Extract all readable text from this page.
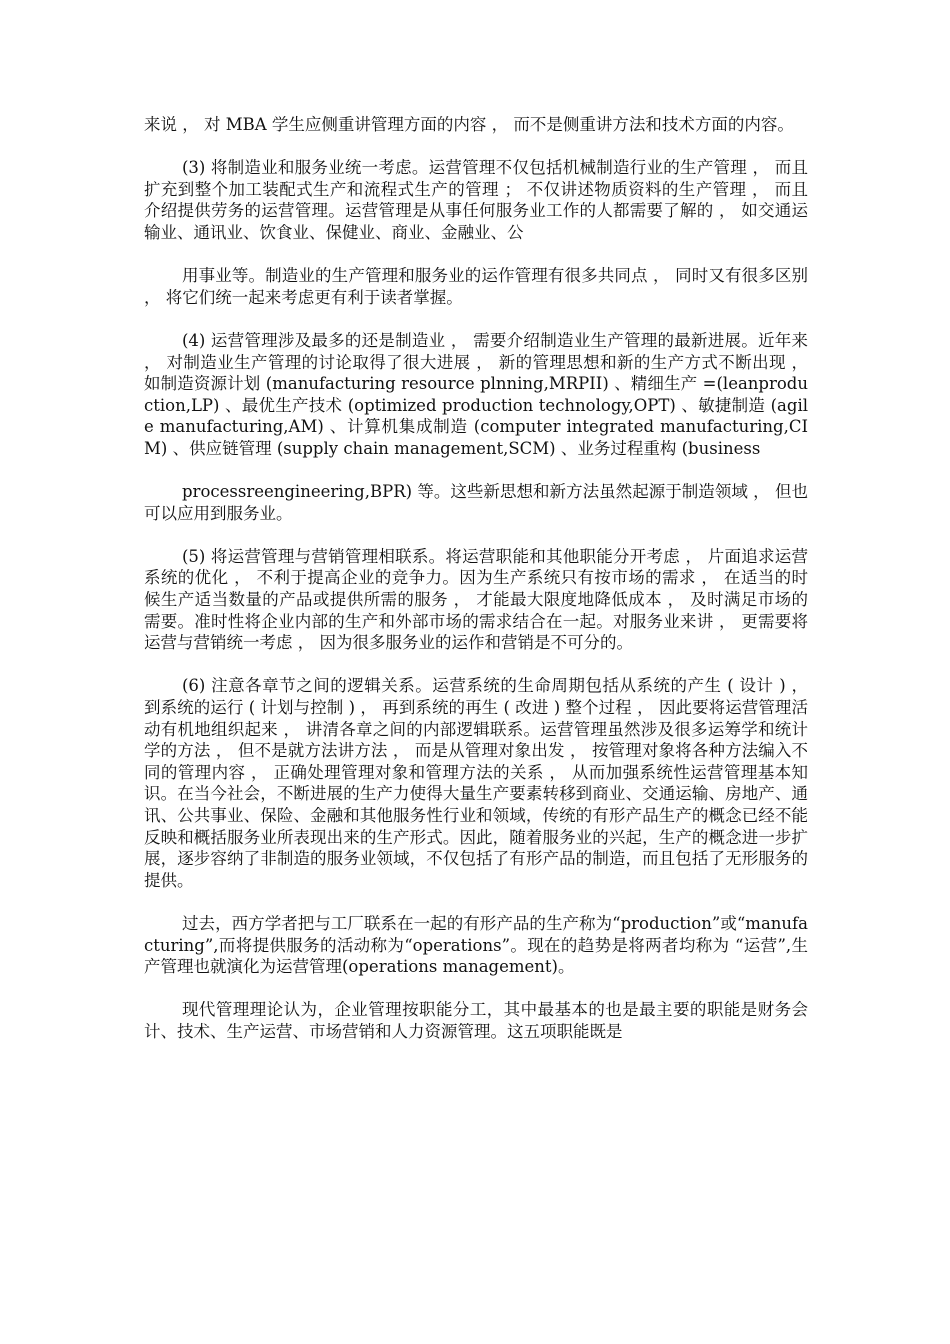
来说 ， 对 MBA 学生应侧重讲管理方面的内容 ， 而不是侧重讲方法和技术方面的内容。

(3) 将制造业和服务业统一考虑。运营管理不仅包括机械制造行业的生产管理 ， 而且扩充到整个加工装配式生产和流程式生产的管理 ； 不仅讲述物质资料的生产管理 ， 而且介绍提供劳务的运营管理。运营管理是从事任何服务业工作的人都需要了解的 ， 如交通运输业、通讯业、饮食业、保健业、商业、金融业、公

用事业等。制造业的生产管理和服务业的运作管理有很多共同点 ， 同时又有很多区别 ， 将它们统一起来考虑更有利于读者掌握。

(4) 运营管理涉及最多的还是制造业 ， 需要介绍制造业生产管理的最新进展。近年来 ， 对制造业生产管理的讨论取得了很大进展 ， 新的管理思想和新的生产方式不断出现 ， 如制造资源计划 (manufacturing resource plnning,MRPII) 、精细生产 =(leanproduction,LP) 、最优生产技术 (optimized production technology,OPT) 、敏捷制造 (agile manufacturing,AM) 、计算机集成制造 (computer integrated manufacturing,CIM) 、供应链管理 (supply chain management,SCM) 、业务过程重构 (business

processreengineering,BPR) 等。这些新思想和新方法虽然起源于制造领域 ， 但也可以应用到服务业。

(5) 将运营管理与营销管理相联系。将运营职能和其他职能分开考虑 ， 片面追求运营系统的优化 ， 不利于提高企业的竞争力。因为生产系统只有按市场的需求 ， 在适当的时候生产适当数量的产品或提供所需的服务 ， 才能最大限度地降低成本 ， 及时满足市场的需要。准时性将企业内部的生产和外部市场的需求结合在一起。对服务业来讲 ， 更需要将运营与营销统一考虑 ， 因为很多服务业的运作和营销是不可分的。

(6) 注意各章节之间的逻辑关系。运营系统的生命周期包括从系统的产生 ( 设计 ) ， 到系统的运行 ( 计划与控制 ) ， 再到系统的再生 ( 改进 ) 整个过程 ， 因此要将运营管理活动有机地组织起来 ， 讲清各章之间的内部逻辑联系。运营管理虽然涉及很多运筹学和统计学的方法 ， 但不是就方法讲方法 ， 而是从管理对象出发 ， 按管理对象将各种方法编入不同的管理内容 ， 正确处理管理对象和管理方法的关系 ， 从而加强系统性运营管理基本知识。在当今社会，不断进展的生产力使得大量生产要素转移到商业、交通运输、房地产、通讯、公共事业、保险、金融和其他服务性行业和领域，传统的有形产品生产的概念已经不能反映和概括服务业所表现出来的生产形式。因此，随着服务业的兴起，生产的概念进一步扩展，逐步容纳了非制造的服务业领域，不仅包括了有形产品的制造，而且包括了无形服务的提供。

过去，西方学者把与工厂联系在一起的有形产品的生产称为“production”或“manufacturing”,而将提供服务的活动称为“operations”。现在的趋势是将两者均称为 “运营”,生产管理也就演化为运营管理(operations management)。

现代管理理论认为，企业管理按职能分工，其中最基本的也是最主要的职能是财务会计、技术、生产运营、市场营销和人力资源管理。这五项职能既是
